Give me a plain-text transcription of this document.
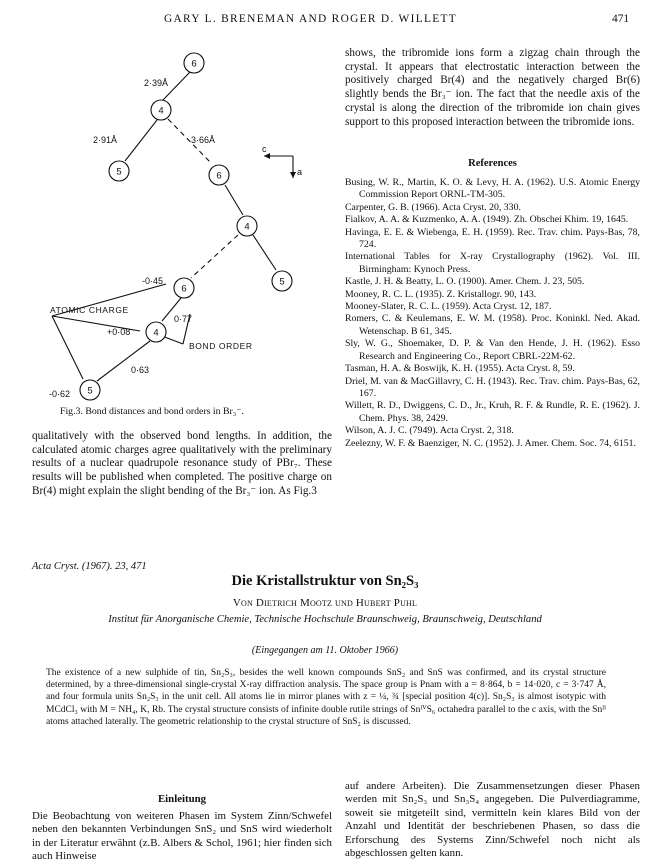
GARY L. BRENEMAN AND ROGER D. WILLETT	471
6
4
5	6
4
5
6
4
5
2·39Å
2·91Å	3·66Å
c
a
-0·45
+0·08
-0·62
0·77
0·63
ATOMIC CHARGE
BOND ORDER
Fig.3. Bond distances and bond orders in Br₃⁻.

qualitatively with the observed bond lengths. In addition, the calculated atomic charges agree qualitatively with the preliminary results of a nuclear quadrupole resonance study of PBr₇. These results will be published when completed. The positive charge on Br(4) might explain the slight bending of the Br₃⁻ ion. As Fig.3

shows, the tribromide ions form a zigzag chain through the crystal. It appears that electrostatic interaction between the positively charged Br(4) and the negatively charged Br(6) slightly bends the Br₃⁻ ion. The fact that the needle axis of the crystal is along the direction of the tribromide ion chain gives support to this proposed interaction between the tribromide ions.

References
Busing, W. R., Martin, K. O. & Levy, H. A. (1962). U.S. Atomic Energy Commission Report ORNL-TM-305.
Carpenter, G. B. (1966). Acta Cryst. 20, 330.
Fialkov, A. A. & Kuzmenko, A. A. (1949). Zh. Obschei Khim. 19, 1645.
Havinga, E. E. & Wiebenga, E. H. (1959). Rec. Trav. chim. Pays-Bas, 78, 724.
International Tables for X-ray Crystallography (1962). Vol. III. Birmingham: Kynoch Press.
Kastle, J. H. & Beatty, L. O. (1900). Amer. Chem. J. 23, 505.
Mooney, R. C. L. (1935). Z. Kristallogr. 90, 143.
Mooney-Slater, R. C. L. (1959). Acta Cryst. 12, 187.
Romers, C. & Keulemans, E. W. M. (1958). Proc. Koninkl. Ned. Akad. Wetenschap. B 61, 345.
Sly, W. G., Shoemaker, D. P. & Van den Hende, J. H. (1962). Esso Research and Engineering Co., Report CBRL-22M-62.
Tasman, H. A. & Boswijk, K. H. (1955). Acta Cryst. 8, 59.
Driel, M. van & MacGillavry, C. H. (1943). Rec. Trav. chim. Pays-Bas, 62, 167.
Willett, R. D., Dwiggens, C. D., Jr., Kruh, R. F. & Rundle, R. E. (1962). J. Chem. Phys. 38, 2429.
Wilson, A. J. C. (7949). Acta Cryst. 2, 318.
Zeelezny, W. F. & Baenziger, N. C. (1952). J. Amer. Chem. Soc. 74, 6151.
Acta Cryst. (1967). 23, 471
Die Kristallstruktur von Sn₂S₃
Von Dietrich Mootz und Hubert Puhl
Institut für Anorganische Chemie, Technische Hochschule Braunschweig, Braunschweig, Deutschland
(Eingegangen am 11. Oktober 1966)

The existence of a new sulphide of tin, Sn₂S₃, besides the well known compounds SnS₂ and SnS was confirmed, and its crystal structure determined, by a three-dimensional single-crystal X-ray diffraction analysis. The space group is Pnam with a = 8·864, b = 14·020, c = 3·747 Å, and four formula units Sn₂S₃ in the unit cell. All atoms lie in mirror planes with z = ¼, ¾ [special position 4(c)]. Sn₂S₃ is almost isotypic with MCdCl₃ with M = NH₄, K, Rb. The crystal structure consists of infinite double rutile strings of SnᴵⱽS₆ octahedra parallel to the c axis, with the Snᴵᴵ atoms attached laterally. The geometric relationship to the crystal structure of SnS₂ is discussed.

Einleitung

Die Beobachtung von weiteren Phasen im System Zinn/Schwefel neben den bekannten Verbindungen SnS₂ und SnS wird wiederholt in der Literatur erwähnt (z.B. Albers & Schol, 1961; hier finden sich auch Hinweise

auf andere Arbeiten). Die Zusammensetzungen dieser Phasen werden mit Sn₂S₃ und Sn₃S₄ angegeben. Die Pulverdiagramme, soweit sie mitgeteilt sind, vermitteln kein klares Bild von der Anzahl und Identität der beschriebenen Phasen, so dass die Erforschung des Systems Zinn/Schwefel noch nicht als abgeschlossen gelten kann.
